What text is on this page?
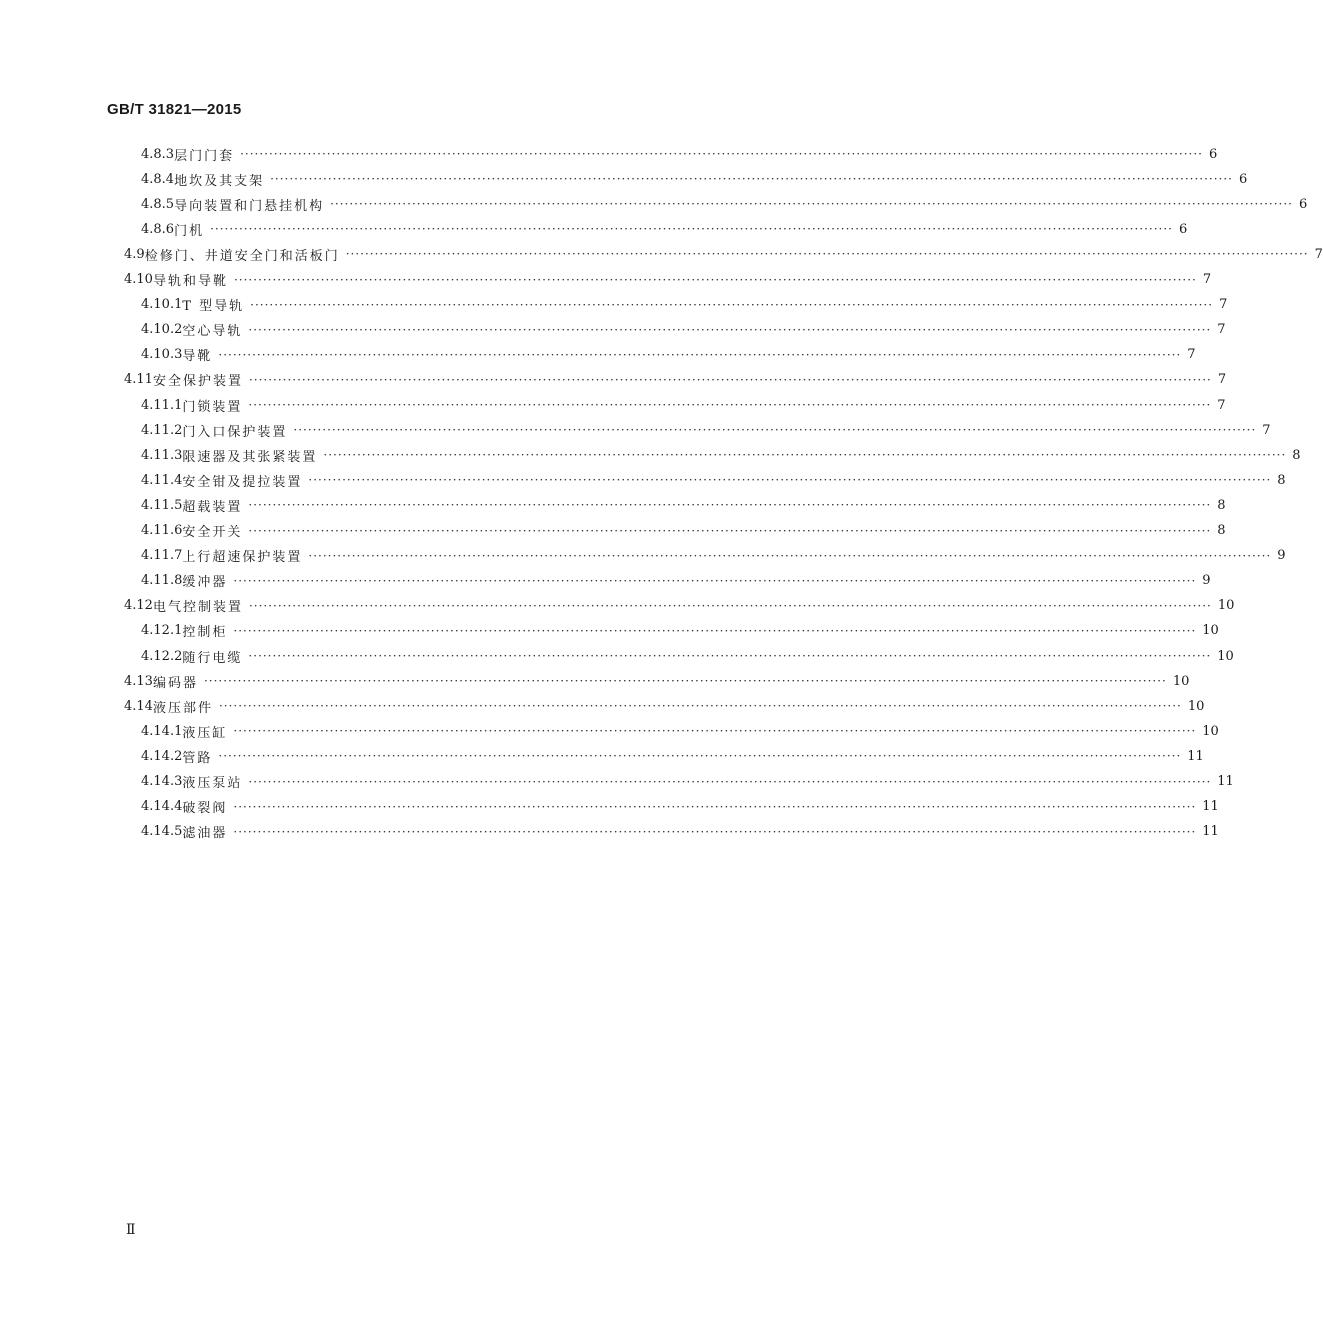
GB/T 31821—2015
4.8.3 层门门套 ········································································································································································································ 6
4.8.4 地坎及其支架 ········································································································································································································ 6
4.8.5 导向装置和门悬挂机构 ········································································································································································································ 6
4.8.6 门机 ········································································································································································································ 6
4.9 检修门、井道安全门和活板门 ········································································································································································································ 7
4.10 导轨和导靴 ········································································································································································································ 7
4.10.1 T 型导轨 ········································································································································································································ 7
4.10.2 空心导轨 ········································································································································································································ 7
4.10.3 导靴 ········································································································································································································ 7
4.11 安全保护装置 ········································································································································································································ 7
4.11.1 门锁装置 ········································································································································································································ 7
4.11.2 门入口保护装置 ········································································································································································································ 7
4.11.3 限速器及其张紧装置 ········································································································································································································ 8
4.11.4 安全钳及提拉装置 ········································································································································································································ 8
4.11.5 超载装置 ········································································································································································································ 8
4.11.6 安全开关 ········································································································································································································ 8
4.11.7 上行超速保护装置 ········································································································································································································ 9
4.11.8 缓冲器 ········································································································································································································ 9
4.12 电气控制装置 ········································································································································································································ 10
4.12.1 控制柜 ········································································································································································································ 10
4.12.2 随行电缆 ········································································································································································································ 10
4.13 编码器 ········································································································································································································ 10
4.14 液压部件 ········································································································································································································ 10
4.14.1 液压缸 ········································································································································································································ 10
4.14.2 管路 ········································································································································································································ 11
4.14.3 液压泵站 ········································································································································································································ 11
4.14.4 破裂阀 ········································································································································································································ 11
4.14.5 滤油器 ········································································································································································································ 11
Ⅱ
